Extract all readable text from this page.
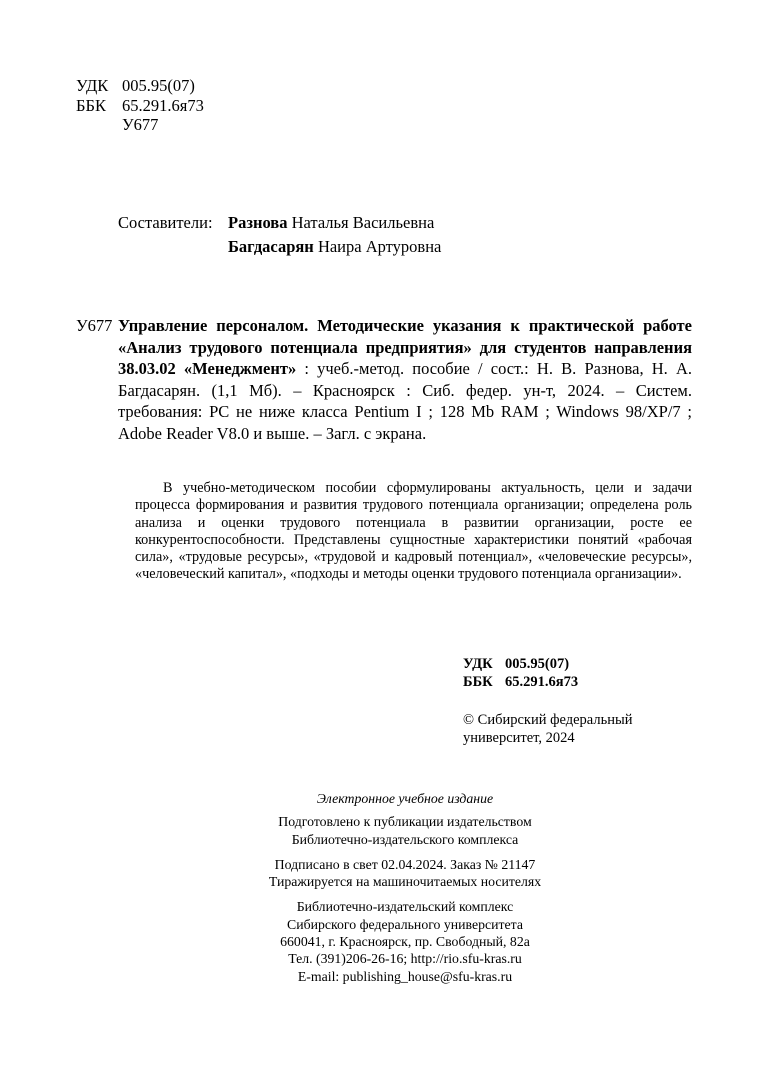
УДК 005.95(07)
ББК 65.291.6я73
У677
Составители: Разнова Наталья Васильевна
Багдасарян Наира Артуровна
У677 Управление персоналом. Методические указания к практической работе «Анализ трудового потенциала предприятия» для студентов направления 38.03.02 «Менеджмент» : учеб.-метод. пособие / сост.: Н. В. Разнова, Н. А. Багдасарян. (1,1 Мб). – Красноярск : Сиб. федер. ун-т, 2024. – Систем. требования: PC не ниже класса Pentium I ; 128 Mb RAM ; Windows 98/XP/7 ; Adobe Reader V8.0 и выше. – Загл. с экрана.
В учебно-методическом пособии сформулированы актуальность, цели и задачи процесса формирования и развития трудового потенциала организации; определена роль анализа и оценки трудового потенциала в развитии организации, росте ее конкурентоспособности. Представлены сущностные характеристики понятий «рабочая сила», «трудовые ресурсы», «трудовой и кадровый потенциал», «человеческие ресурсы», «человеческий капитал», «подходы и методы оценки трудового потенциала организации».
УДК 005.95(07)
ББК 65.291.6я73
© Сибирский федеральный
университет, 2024
Электронное учебное издание
Подготовлено к публикации издательством
Библиотечно-издательского комплекса
Подписано в свет 02.04.2024. Заказ № 21147
Тиражируется на машиночитаемых носителях
Библиотечно-издательский комплекс
Сибирского федерального университета
660041, г. Красноярск, пр. Свободный, 82а
Тел. (391)206-26-16; http://rio.sfu-kras.ru
E-mail: publishing_house@sfu-kras.ru
